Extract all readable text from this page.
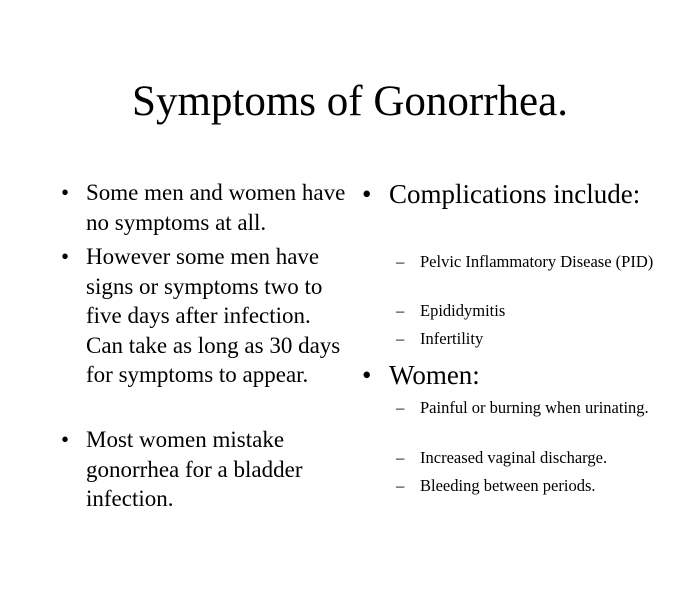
Symptoms of Gonorrhea.
• Some men and women have no symptoms at all.
• However some men have signs or symptoms two to five days after infection. Can take as long as 30 days for symptoms to appear.
• Most women mistake gonorrhea for a bladder infection.
• Complications include:
– Pelvic Inflammatory Disease (PID)
– Epididymitis
– Infertility
• Women:
– Painful or burning when urinating.
– Increased vaginal discharge.
– Bleeding between periods.
